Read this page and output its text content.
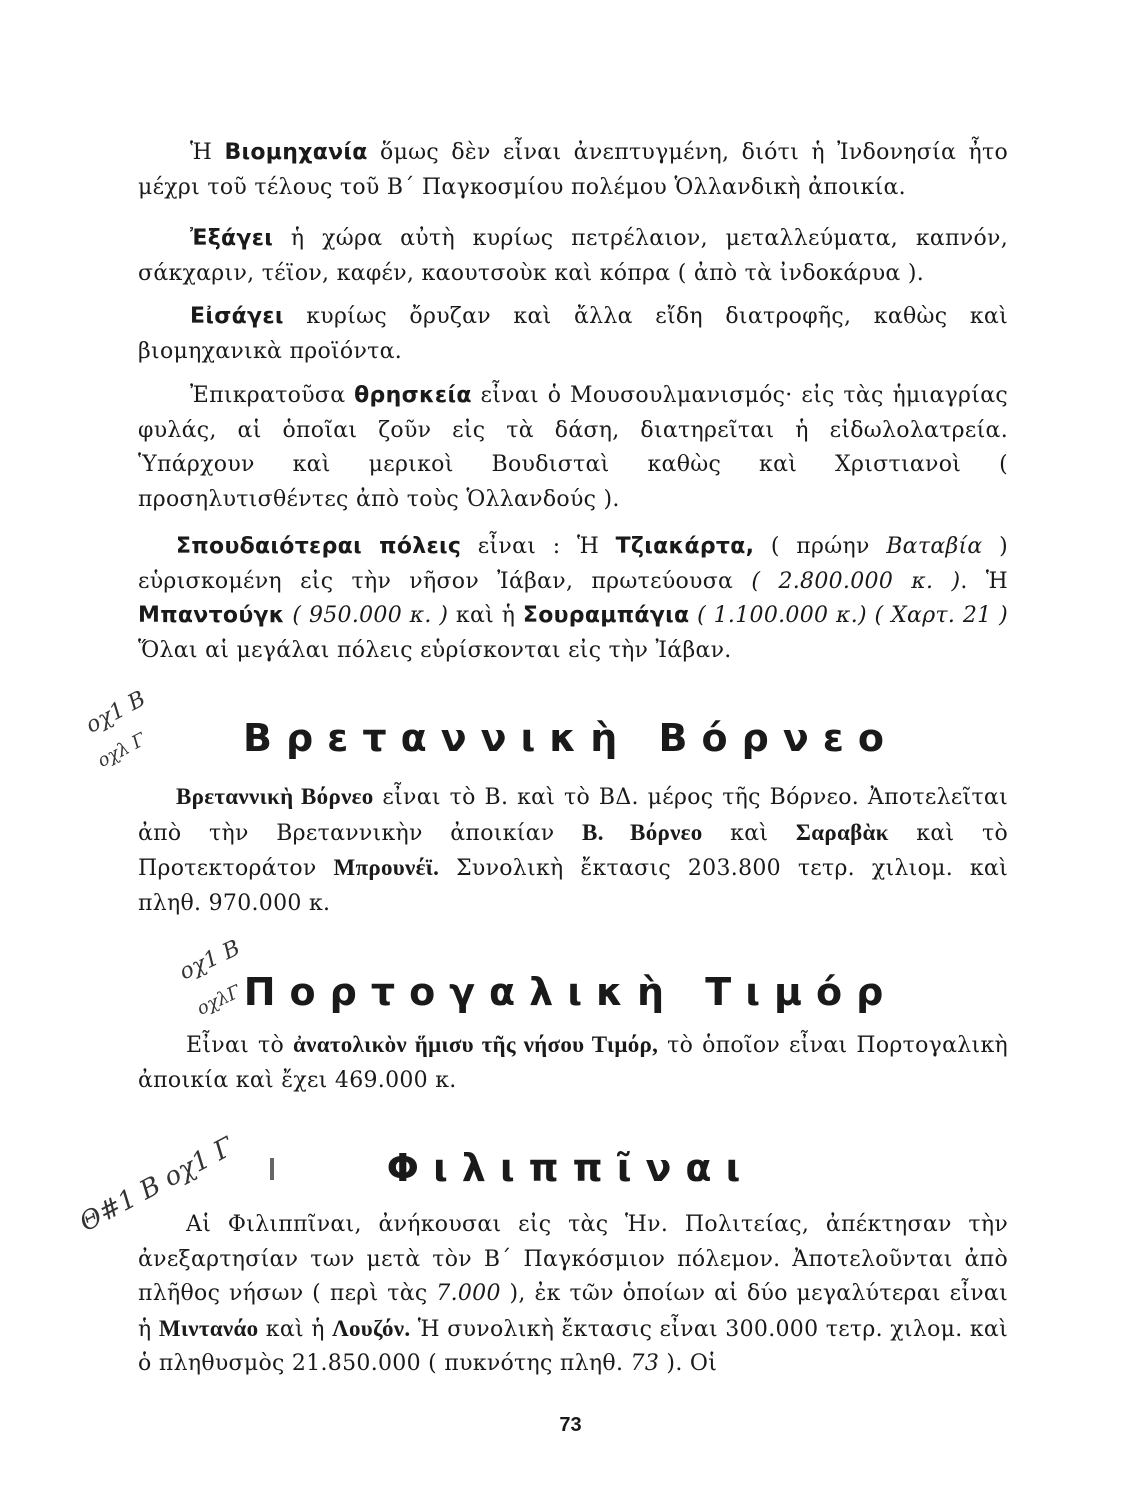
Ἡ Βιομηχανία ὅμως δὲν εἶναι ἀνεπτυγμένη, διότι ἡ Ἰνδονησία ἦτο μέχρι τοῦ τέλους τοῦ Β΄ Παγκοσμίου πολέμου Ὁλλανδικὴ ἀποικία.

Ἐξάγει ἡ χώρα αὐτὴ κυρίως πετρέλαιον, μεταλλεύματα, καπνόν, σάκχαριν, τέϊον, καφέν, καουτσοὺκ καὶ κόπρα ( ἀπὸ τὰ ἰνδοκάρυα ).

Εἰσάγει κυρίως ὄρυζαν καὶ ἄλλα εἴδη διατροφῆς, καθὼς καὶ βιομηχανικὰ προϊόντα.

Ἐπικρατοῦσα θρησκεία εἶναι ὁ Μουσουλμανισμός· εἰς τὰς ἡμιαγρίας φυλάς, αἱ ὁποῖαι ζοῦν εἰς τὰ δάση, διατηρεῖται ἡ εἰδωλολατρεία. Ὑπάρχουν καὶ μερικοὶ Βουδισταὶ καθὼς καὶ Χριστιανοὶ ( προσηλυτισθέντες ἀπὸ τοὺς Ὁλλανδούς ).

Σπουδαιότεραι πόλεις εἶναι : Ἡ Τζιακάρτα, ( πρώην Βαταβία ) εὑρισκομένη εἰς τὴν νῆσον Ἰάβαν, πρωτεύουσα ( 2.800.000 κ. ). Ἡ Μπαντούγκ ( 950.000 κ. ) καὶ ἡ Σουραμπάγια ( 1.100.000 κ.) ( Χαρτ. 21 ) Ὅλαι αἱ μεγάλαι πόλεις εὑρίσκονται εἰς τὴν Ἰάβαν.

Βρεταννικὴ Βόρνεο

Βρεταννικὴ Βόρνεο εἶναι τὸ Β. καὶ τὸ ΒΔ. μέρος τῆς Βόρνεο. Ἀποτελεῖται ἀπὸ τὴν Βρεταννικὴν ἀποικίαν Β. Βόρνεο καὶ Σαραβὰκ καὶ τὸ Προτεκτοράτον Μπρουνέϊ. Συνολικὴ ἔκτασις 203.800 τετρ. χιλιομ. καὶ πληθ. 970.000 κ.

Πορτογαλικὴ Τιμόρ

Εἶναι τὸ ἀνατολικὸν ἥμισυ τῆς νήσου Τιμόρ, τὸ ὁποῖον εἶναι Πορτογαλικὴ ἀποικία καὶ ἔχει 469.000 κ.

Φιλιππῖναι

Αἱ Φιλιππῖναι, ἀνήκουσαι εἰς τὰς Ἡν. Πολιτείας, ἀπέκτησαν τὴν ἀνεξαρτησίαν των μετὰ τὸν Β΄ Παγκόσμιον πόλεμον. Ἀποτελοῦνται ἀπὸ πλῆθος νήσων ( περὶ τὰς 7.000 ), ἐκ τῶν ὁποίων αἱ δύο μεγαλύτεραι εἶναι ἡ Μιντανάο καὶ ἡ Λουζόν. Ἡ συνολικὴ ἔκτασις εἶναι 300.000 τετρ. χιλομ. καὶ ὁ πληθυσμὸς 21.850.000 ( πυκνότης πληθ. 73 ). Οἱ

οχ1 Β
οχλ Γ
οχ1 Β
οχλΓ
Θ#1 Β οχ1 Γ
73
